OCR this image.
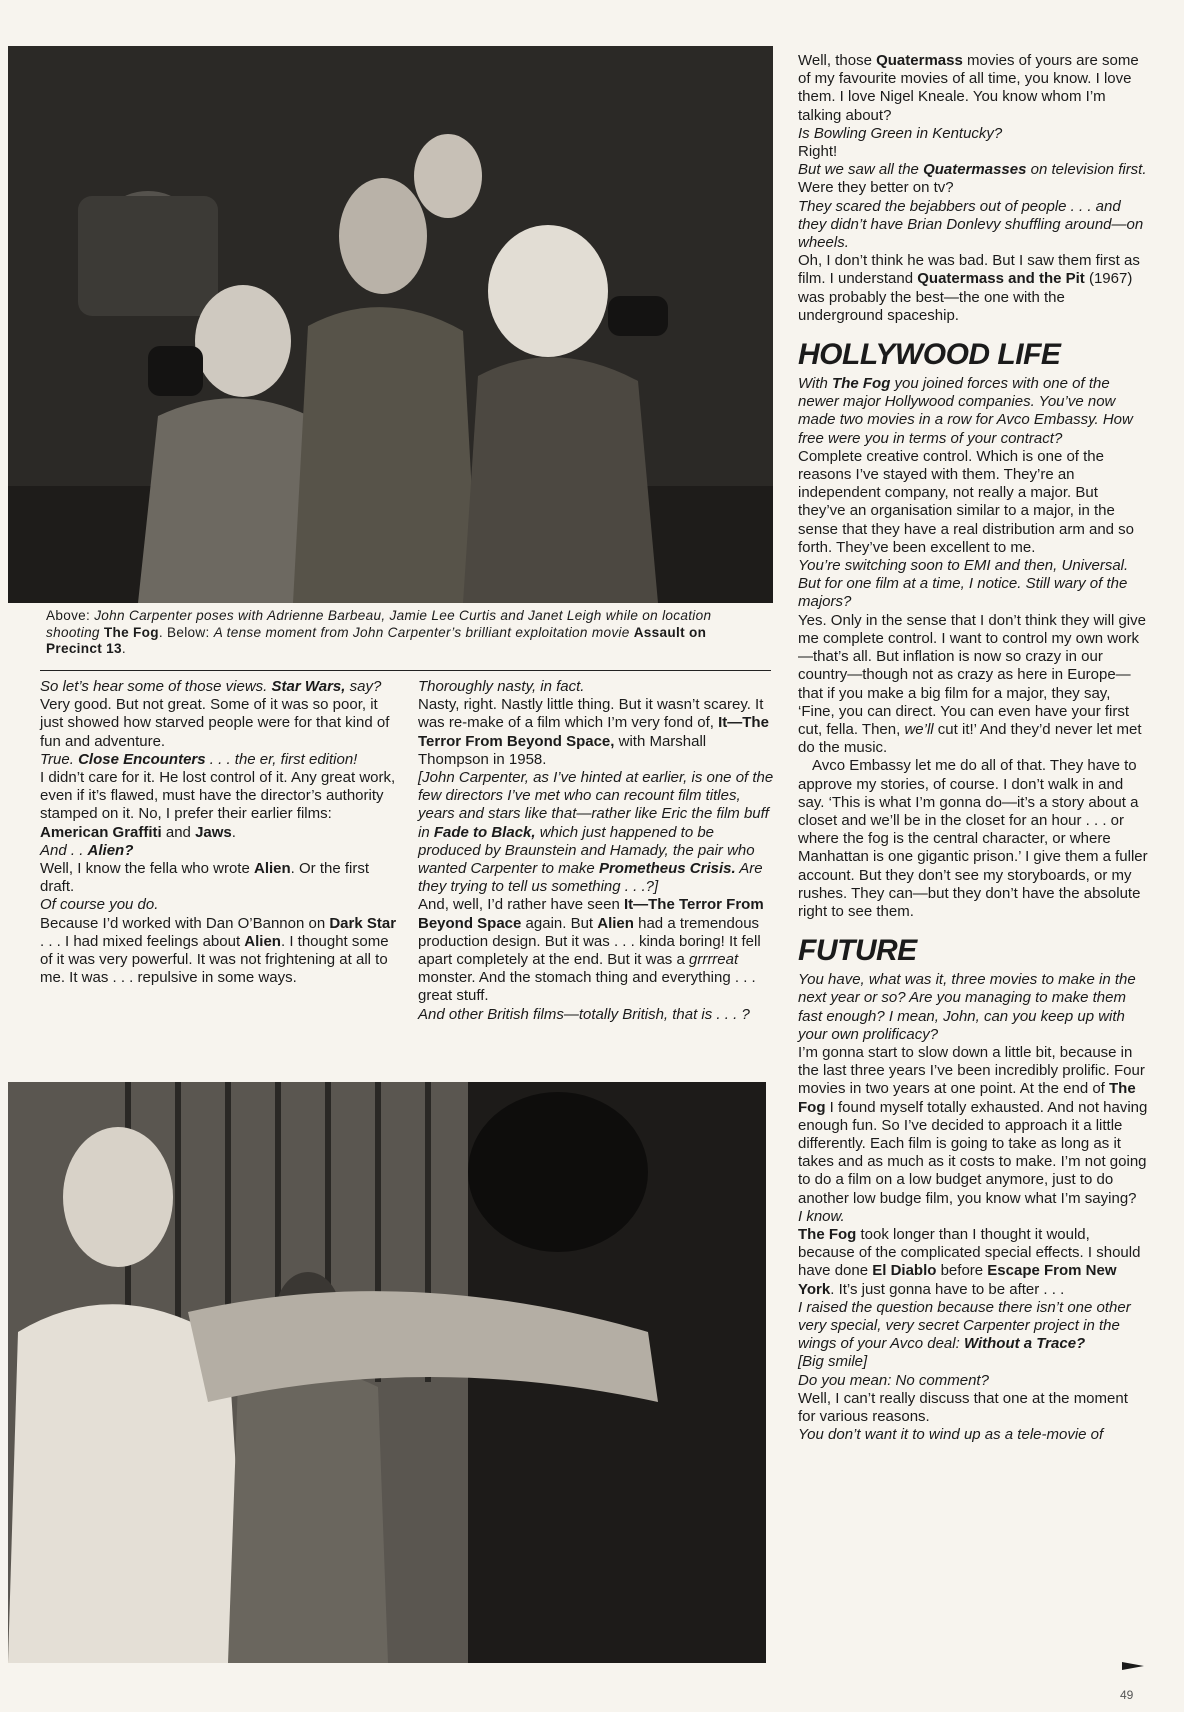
Above: John Carpenter poses with Adrienne Barbeau, Jamie Lee Curtis and Janet Leigh while on location shooting The Fog. Below: A tense moment from John Carpenter’s brilliant exploitation movie Assault on Precinct 13.

So let’s hear some of those views. Star Wars, say?

Very good. But not great. Some of it was so poor, it just showed how starved people were for that kind of fun and adventure.

True. Close Encounters . . . the er, first edition!

I didn’t care for it. He lost control of it. Any great work, even if it’s flawed, must have the director’s authority stamped on it. No, I prefer their earlier films: American Graffiti and Jaws.

And . . Alien?

Well, I know the fella who wrote Alien. Or the first draft.

Of course you do.

Because I’d worked with Dan O’Bannon on Dark Star . . . I had mixed feelings about Alien. I thought some of it was very powerful. It was not frightening at all to me. It was . . . repulsive in some ways.

Thoroughly nasty, in fact.

Nasty, right. Nastly little thing. But it wasn’t scarey. It was re-make of a film which I’m very fond of, It—The Terror From Beyond Space, with Marshall Thompson in 1958.

[John Carpenter, as I’ve hinted at earlier, is one of the few directors I’ve met who can recount film titles, years and stars like that—rather like Eric the film buff in Fade to Black, which just happened to be produced by Braunstein and Hamady, the pair who wanted Carpenter to make Prometheus Crisis. Are they trying to tell us something . . .?]

And, well, I’d rather have seen It—The Terror From Beyond Space again. But Alien had a tremendous production design. But it was . . . kinda boring! It fell apart completely at the end. But it was a grrrreat monster. And the stomach thing and everything . . . great stuff.

And other British films—totally British, that is . . . ?

Well, those Quatermass movies of yours are some of my favourite movies of all time, you know. I love them. I love Nigel Kneale. You know whom I’m talking about?

Is Bowling Green in Kentucky?

Right!

But we saw all the Quatermasses on television first.

Were they better on tv?

They scared the bejabbers out of people . . . and they didn’t have Brian Donlevy shuffling around—on wheels.

Oh, I don’t think he was bad. But I saw them first as film. I understand Quatermass and the Pit (1967) was probably the best—the one with the underground spaceship.

HOLLYWOOD LIFE

With The Fog you joined forces with one of the newer major Hollywood companies. You’ve now made two movies in a row for Avco Embassy. How free were you in terms of your contract?

Complete creative control. Which is one of the reasons I’ve stayed with them. They’re an independent company, not really a major. But they’ve an organisation similar to a major, in the sense that they have a real distribution arm and so forth. They’ve been excellent to me.

You’re switching soon to EMI and then, Universal. But for one film at a time, I notice. Still wary of the majors?

Yes. Only in the sense that I don’t think they will give me complete control. I want to control my own work—that’s all. But inflation is now so crazy in our country—though not as crazy as here in Europe—that if you make a big film for a major, they say, ‘Fine, you can direct. You can even have your first cut, fella. Then, we’ll cut it!’ And they’d never let met do the music.

Avco Embassy let me do all of that. They have to approve my stories, of course. I don’t walk in and say. ‘This is what I’m gonna do—it’s a story about a closet and we’ll be in the closet for an hour . . . or where the fog is the central character, or where Manhattan is one gigantic prison.’ I give them a fuller account. But they don’t see my storyboards, or my rushes. They can—but they don’t have the absolute right to see them.

FUTURE

You have, what was it, three movies to make in the next year or so? Are you managing to make them fast enough? I mean, John, can you keep up with your own prolificacy?

I’m gonna start to slow down a little bit, because in the last three years I’ve been incredibly prolific. Four movies in two years at one point. At the end of The Fog I found myself totally exhausted. And not having enough fun. So I’ve decided to approach it a little differently. Each film is going to take as long as it takes and as much as it costs to make. I’m not going to do a film on a low budget anymore, just to do another low budge film, you know what I’m saying?

I know.

The Fog took longer than I thought it would, because of the complicated special effects. I should have done El Diablo before Escape From New York. It’s just gonna have to be after . . .

I raised the question because there isn’t one other very special, very secret Carpenter project in the wings of your Avco deal: Without a Trace?

[Big smile]

Do you mean: No comment?

Well, I can’t really discuss that one at the moment for various reasons.

You don’t want it to wind up as a tele-movie of

49
